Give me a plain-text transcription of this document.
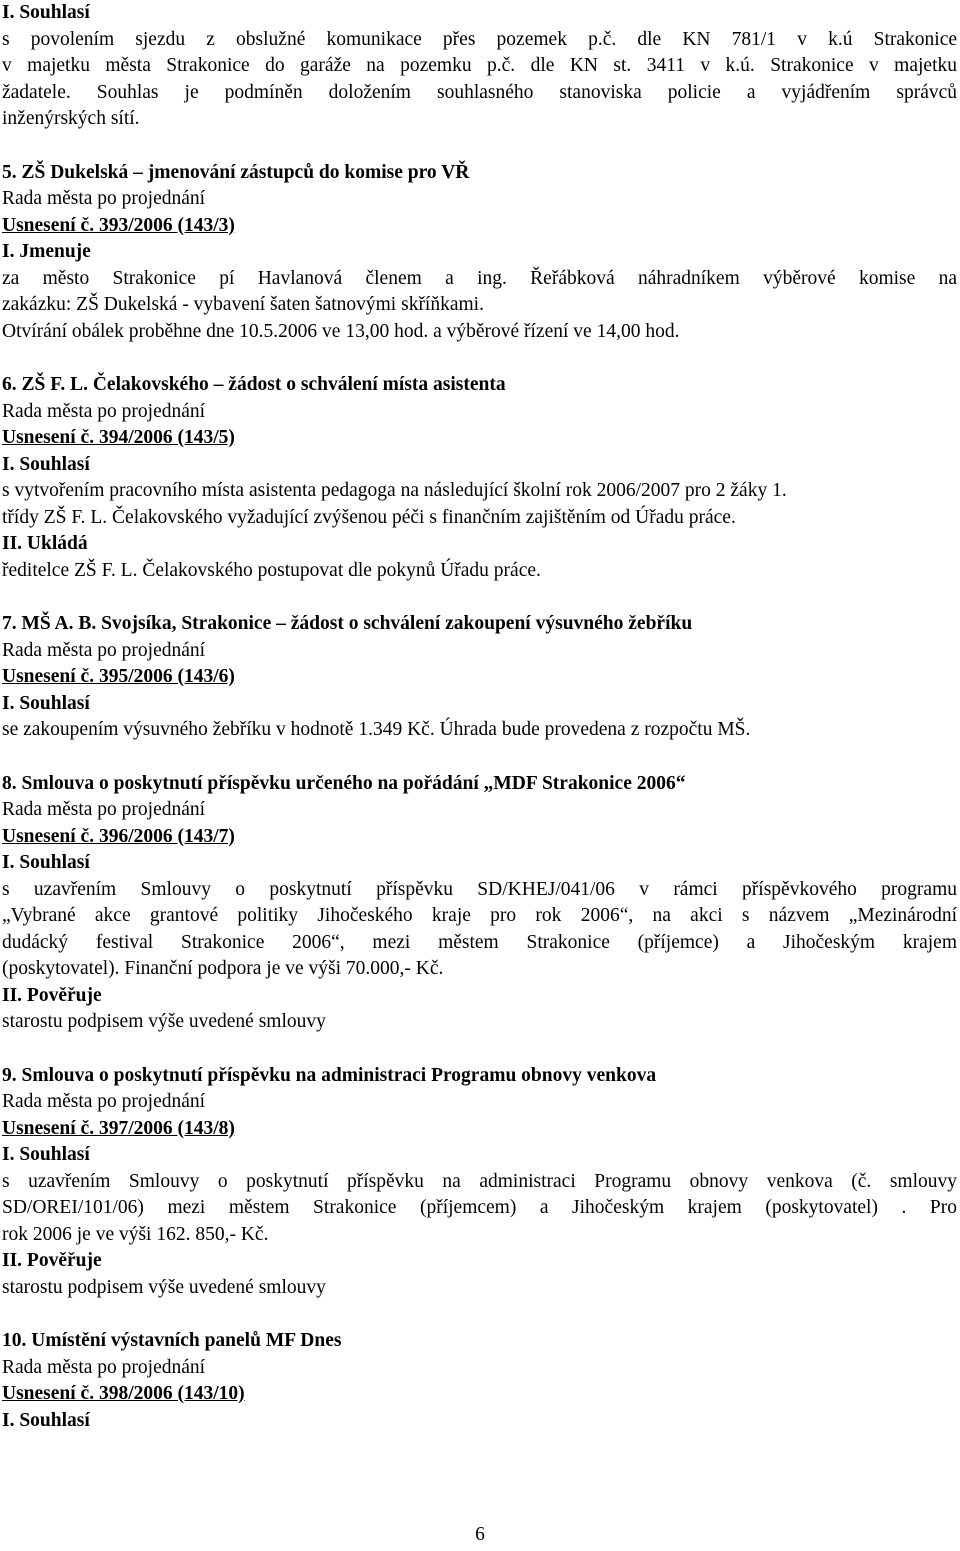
I. Souhlasí

s povolením sjezdu z obslužné komunikace přes pozemek p.č. dle KN 781/1 v k.ú Strakonice

v majetku města Strakonice do garáže na pozemku p.č. dle KN st. 3411 v k.ú. Strakonice v majetku

žadatele. Souhlas je podmíněn doložením souhlasného stanoviska policie a vyjádřením správců

inženýrských sítí.

5. ZŠ Dukelská – jmenování zástupců do komise pro VŘ

Rada města po projednání

Usnesení č. 393/2006 (143/3)

I. Jmenuje

za město Strakonice pí Havlanová členem a ing. Řeřábková náhradníkem výběrové komise na

zakázku: ZŠ Dukelská - vybavení šaten šatnovými skříňkami.

Otvírání obálek proběhne dne 10.5.2006 ve 13,00 hod. a výběrové řízení ve 14,00 hod.

6. ZŠ F. L. Čelakovského – žádost o schválení místa asistenta

Rada města po projednání

Usnesení č. 394/2006 (143/5)

I. Souhlasí

s vytvořením pracovního místa asistenta pedagoga na následující školní rok 2006/2007 pro 2 žáky 1.

třídy ZŠ F. L. Čelakovského vyžadující zvýšenou péči s finančním zajištěním od Úřadu práce.

II. Ukládá

ředitelce ZŠ F. L. Čelakovského postupovat dle pokynů Úřadu práce.

7. MŠ A. B. Svojsíka, Strakonice – žádost o schválení zakoupení výsuvného žebříku

Rada města po projednání

Usnesení č. 395/2006 (143/6)

I. Souhlasí

se zakoupením výsuvného žebříku v hodnotě 1.349 Kč. Úhrada bude provedena z rozpočtu MŠ.

8. Smlouva o poskytnutí příspěvku určeného na pořádání „MDF Strakonice 2006“

Rada města po projednání

Usnesení č. 396/2006 (143/7)

I. Souhlasí

s uzavřením Smlouvy o poskytnutí příspěvku SD/KHEJ/041/06 v rámci příspěvkového programu

„Vybrané akce grantové politiky Jihočeského kraje pro rok 2006“, na akci s názvem „Mezinárodní

dudácký festival Strakonice 2006“, mezi městem Strakonice (příjemce) a Jihočeským krajem

(poskytovatel). Finanční podpora je ve výši 70.000,- Kč.

II. Pověřuje

starostu podpisem výše uvedené smlouvy

9. Smlouva o poskytnutí příspěvku na administraci Programu obnovy venkova

Rada města po projednání

Usnesení č. 397/2006 (143/8)

I. Souhlasí

s uzavřením Smlouvy o poskytnutí příspěvku na administraci Programu obnovy venkova (č. smlouvy

SD/OREI/101/06) mezi městem Strakonice (příjemcem) a Jihočeským krajem (poskytovatel) . Pro

rok 2006 je ve výši 162. 850,- Kč.

II. Pověřuje

starostu podpisem výše uvedené smlouvy

10. Umístění výstavních panelů MF Dnes

Rada města po projednání

Usnesení č. 398/2006 (143/10)

I. Souhlasí

6
